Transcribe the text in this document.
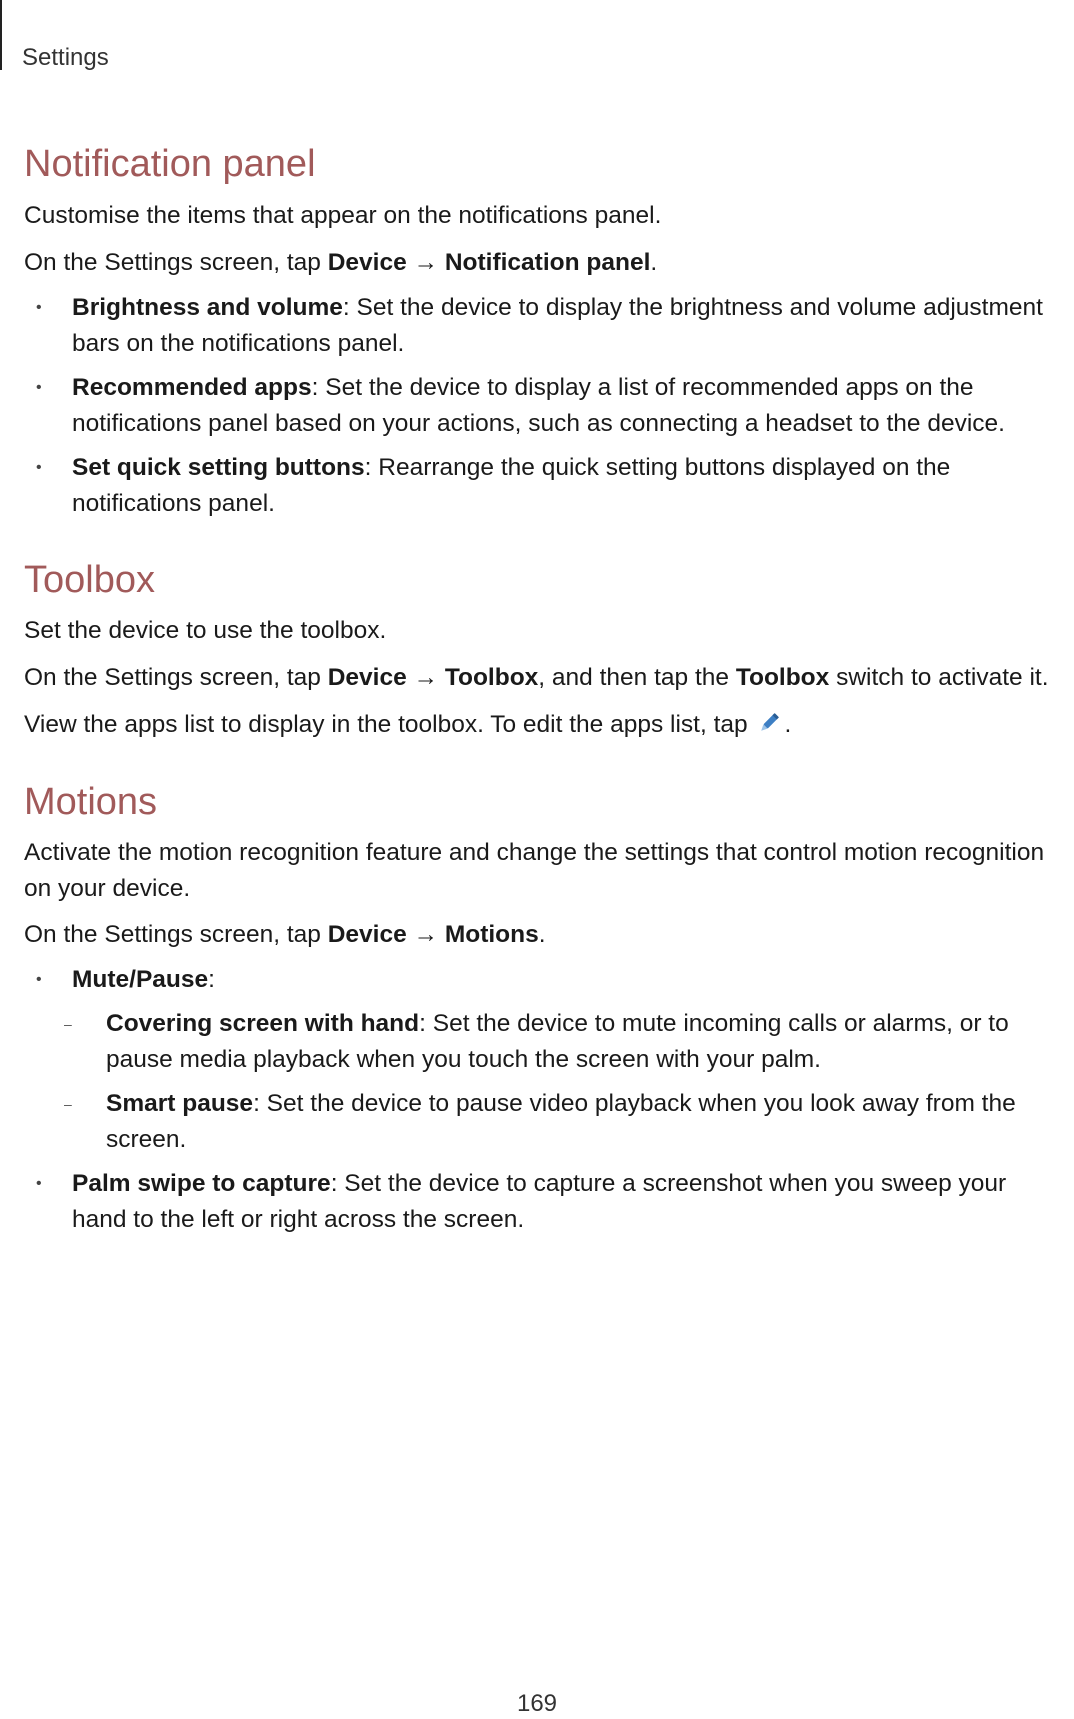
Settings
Notification panel

Customise the items that appear on the notifications panel.

On the Settings screen, tap Device → Notification panel.

• Brightness and volume: Set the device to display the brightness and volume adjustment bars on the notifications panel.
• Recommended apps: Set the device to display a list of recommended apps on the notifications panel based on your actions, such as connecting a headset to the device.
• Set quick setting buttons: Rearrange the quick setting buttons displayed on the notifications panel.
Toolbox

Set the device to use the toolbox.

On the Settings screen, tap Device → Toolbox, and then tap the Toolbox switch to activate it.

View the apps list to display in the toolbox. To edit the apps list, tap .

Motions

Activate the motion recognition feature and change the settings that control motion recognition on your device.

On the Settings screen, tap Device → Motions.

• Mute/Pause:
– Covering screen with hand: Set the device to mute incoming calls or alarms, or to pause media playback when you touch the screen with your palm.
– Smart pause: Set the device to pause video playback when you look away from the screen.
• Palm swipe to capture: Set the device to capture a screenshot when you sweep your hand to the left or right across the screen.
169
